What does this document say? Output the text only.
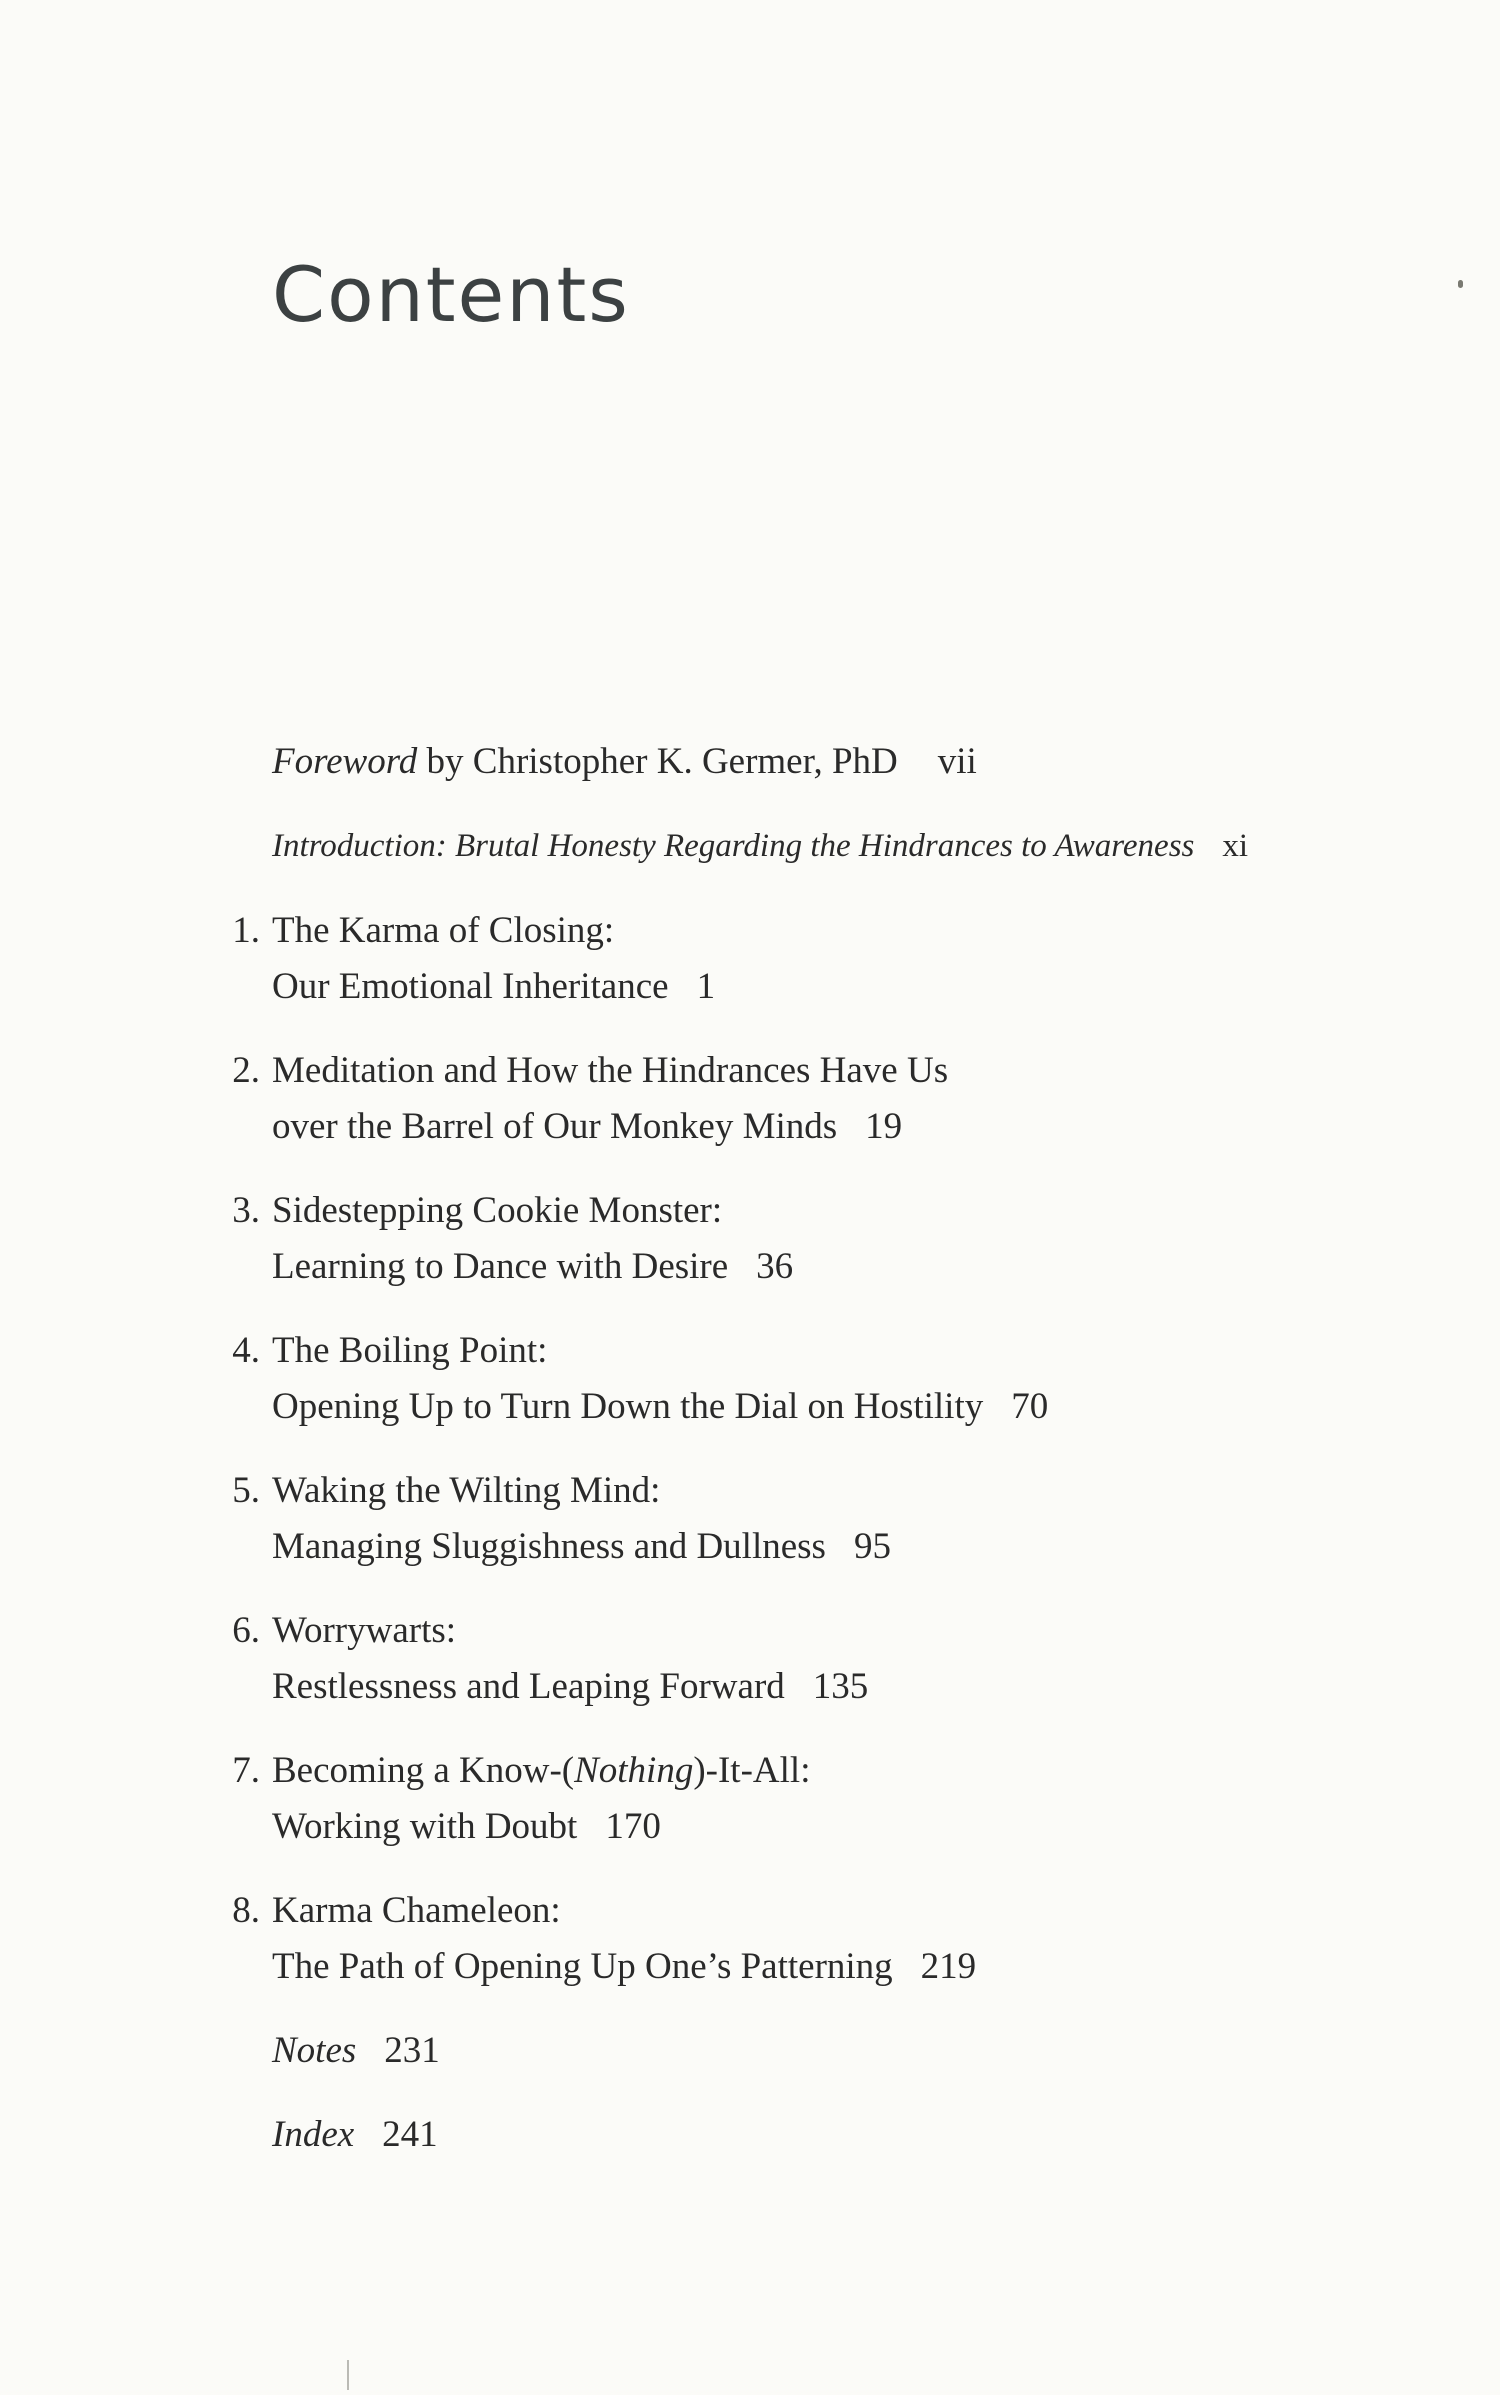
Contents
Foreword by Christopher K. Germer, PhD vii
Introduction: Brutal Honesty Regarding the Hindrances to Awareness xi
1. The Karma of Closing:
Our Emotional Inheritance 1
2. Meditation and How the Hindrances Have Us
over the Barrel of Our Monkey Minds 19
3. Sidestepping Cookie Monster:
Learning to Dance with Desire 36
4. The Boiling Point:
Opening Up to Turn Down the Dial on Hostility 70
5. Waking the Wilting Mind:
Managing Sluggishness and Dullness 95
6. Worrywarts:
Restlessness and Leaping Forward 135
7. Becoming a Know-(Nothing)-It-All:
Working with Doubt 170
8. Karma Chameleon:
The Path of Opening Up One’s Patterning 219
Notes 231
Index 241
